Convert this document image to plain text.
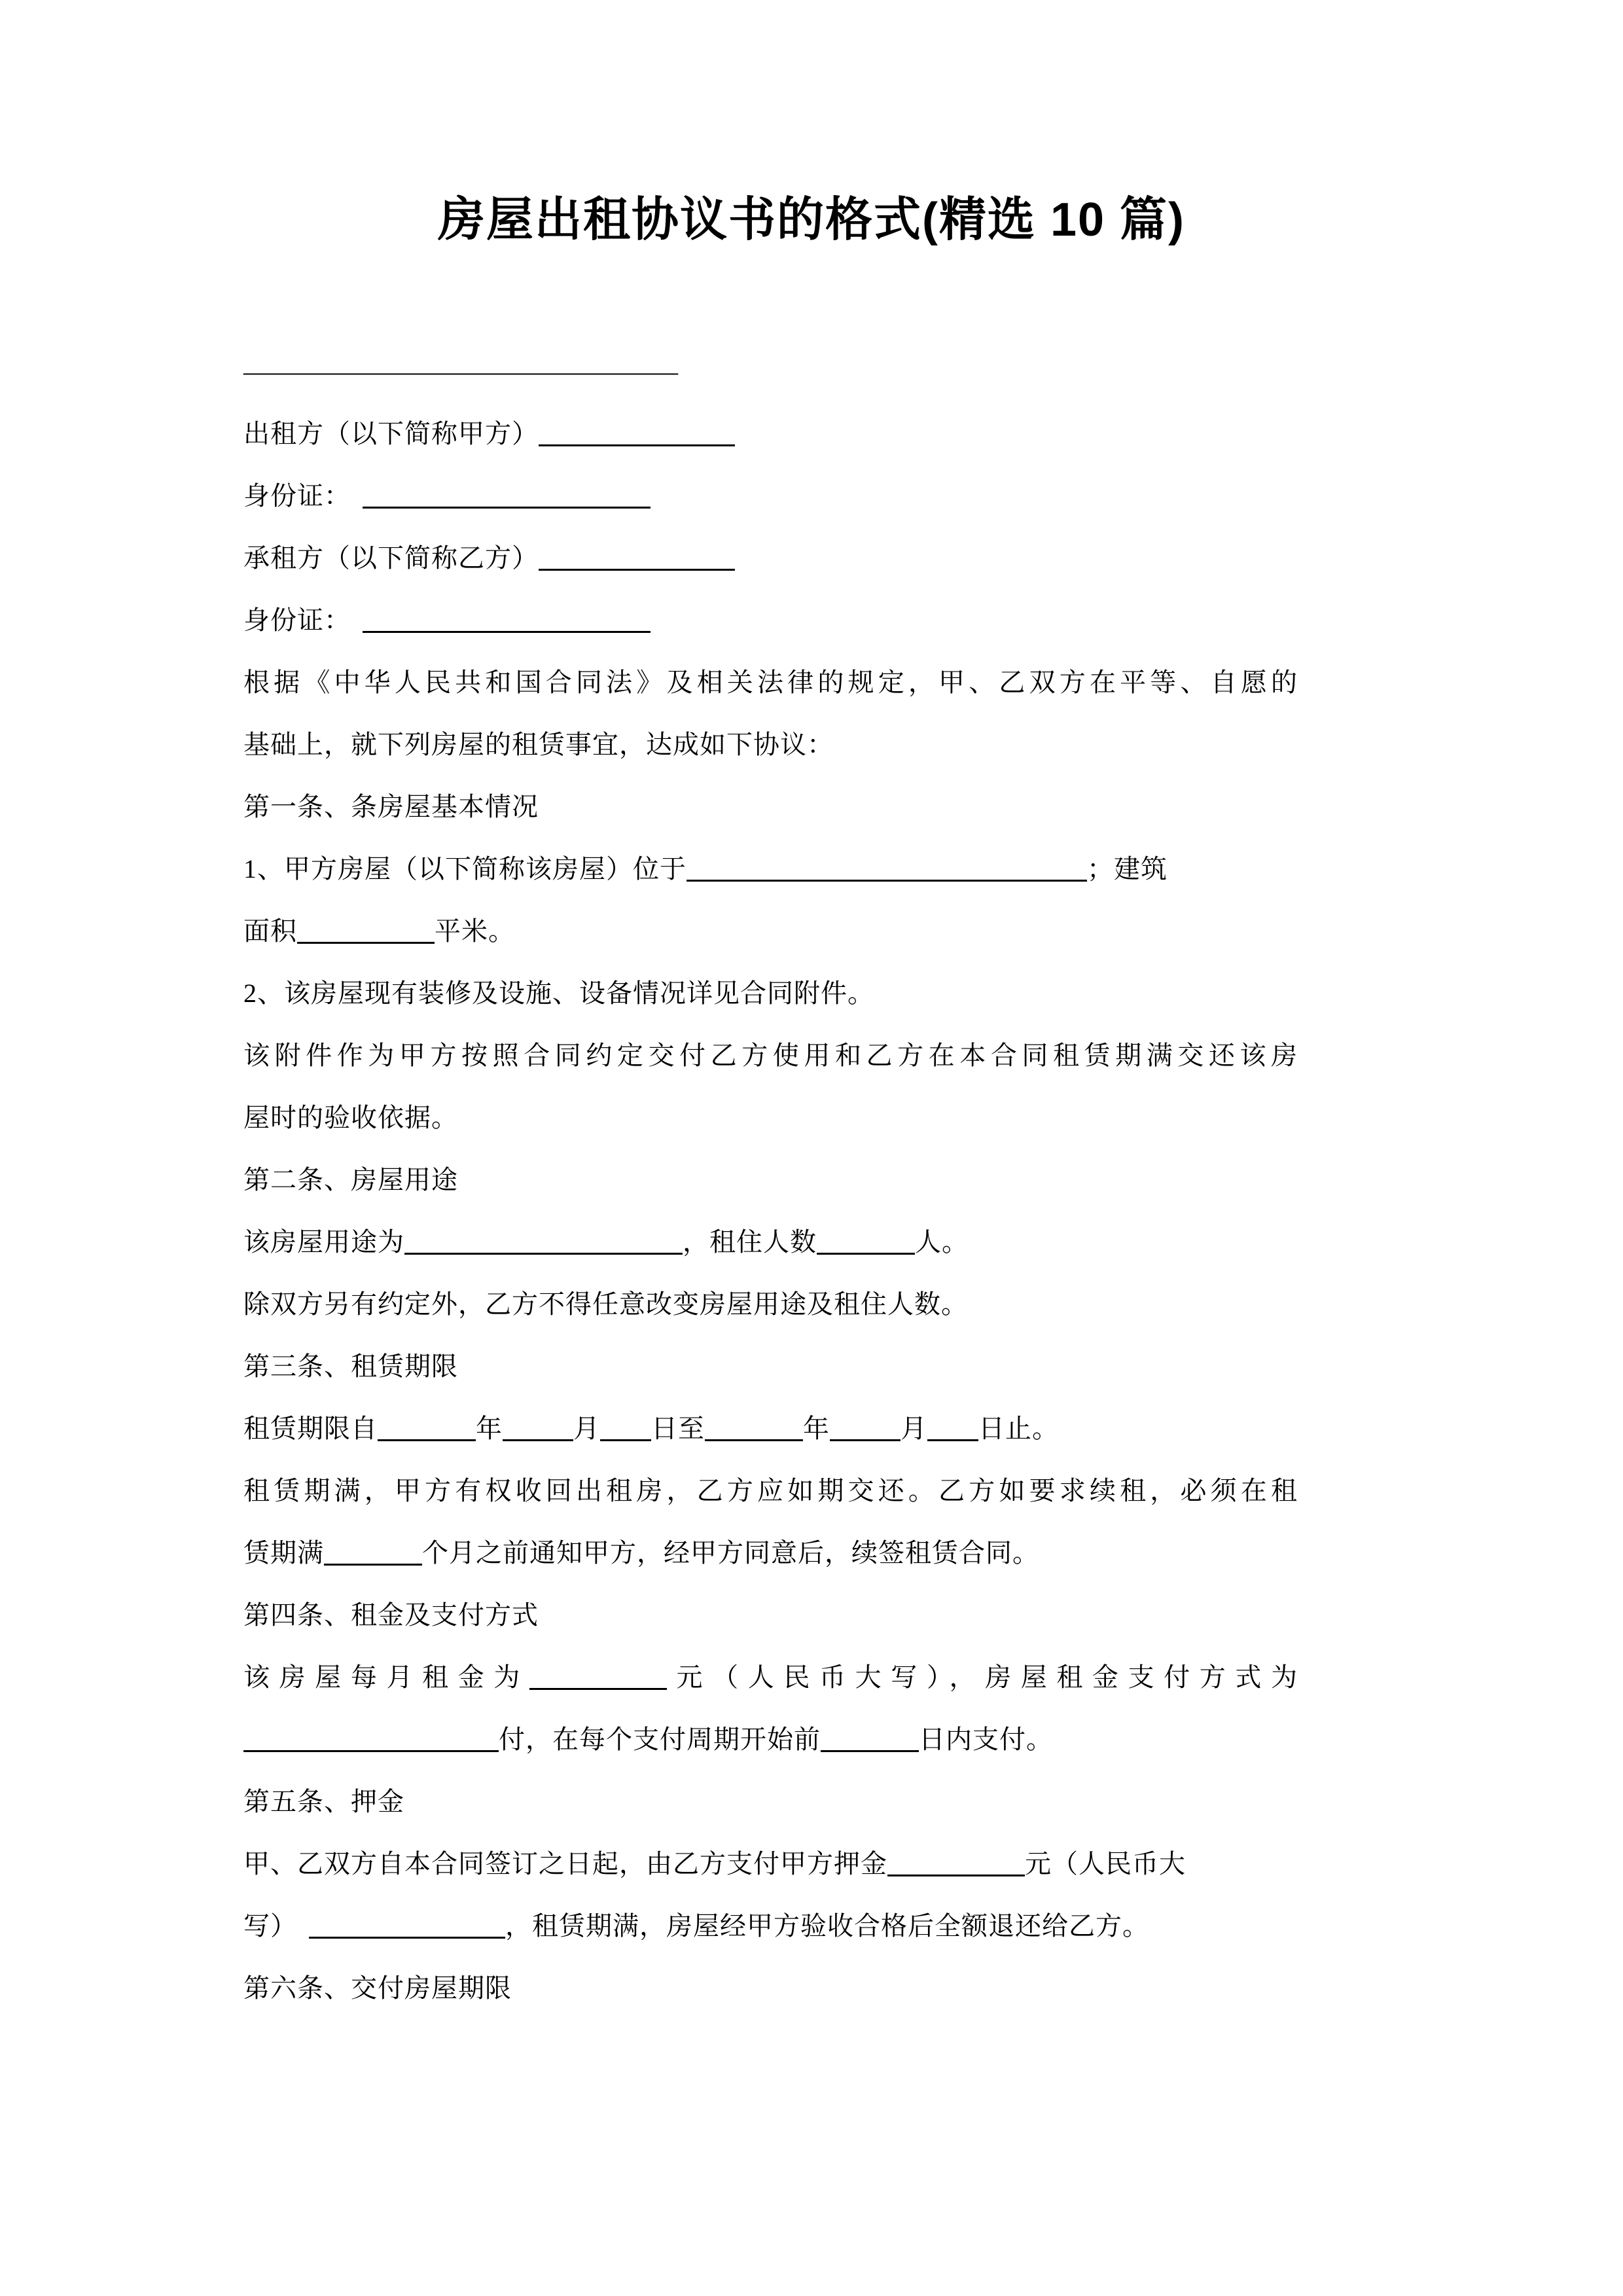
房屋出租协议书的格式(精选 10 篇)
—————————————————
出租方（以下简称甲方）
身份证：
承租方（以下简称乙方）
身份证：
根据《中华人民共和国合同法》及相关法律的规定，甲、乙双方在平等、自愿的
基础上，就下列房屋的租赁事宜，达成如下协议：
第一条、条房屋基本情况
1、甲方房屋（以下简称该房屋）位于	；建筑
面积	平米。
2、该房屋现有装修及设施、设备情况详见合同附件。
该附件作为甲方按照合同约定交付乙方使用和乙方在本合同租赁期满交还该房
屋时的验收依据。
第二条、房屋用途
该房屋用途为	，租住人数	人。
除双方另有约定外，乙方不得任意改变房屋用途及租住人数。
第三条、租赁期限
租赁期限自	年	月 日至	年	月 日止。
租赁期满，甲方有权收回出租房，乙方应如期交还。乙方如要求续租，必须在租
赁期满	个月之前通知甲方，经甲方同意后，续签租赁合同。
第四条、租金及支付方式
该房屋每月租金为	元（人民币大写），房屋租金支付方式为
付，在每个支付周期开始前	日内支付。
第五条、押金
甲、乙双方自本合同签订之日起，由乙方支付甲方押金	元（人民币大
写）	，租赁期满，房屋经甲方验收合格后全额退还给乙方。
第六条、交付房屋期限
